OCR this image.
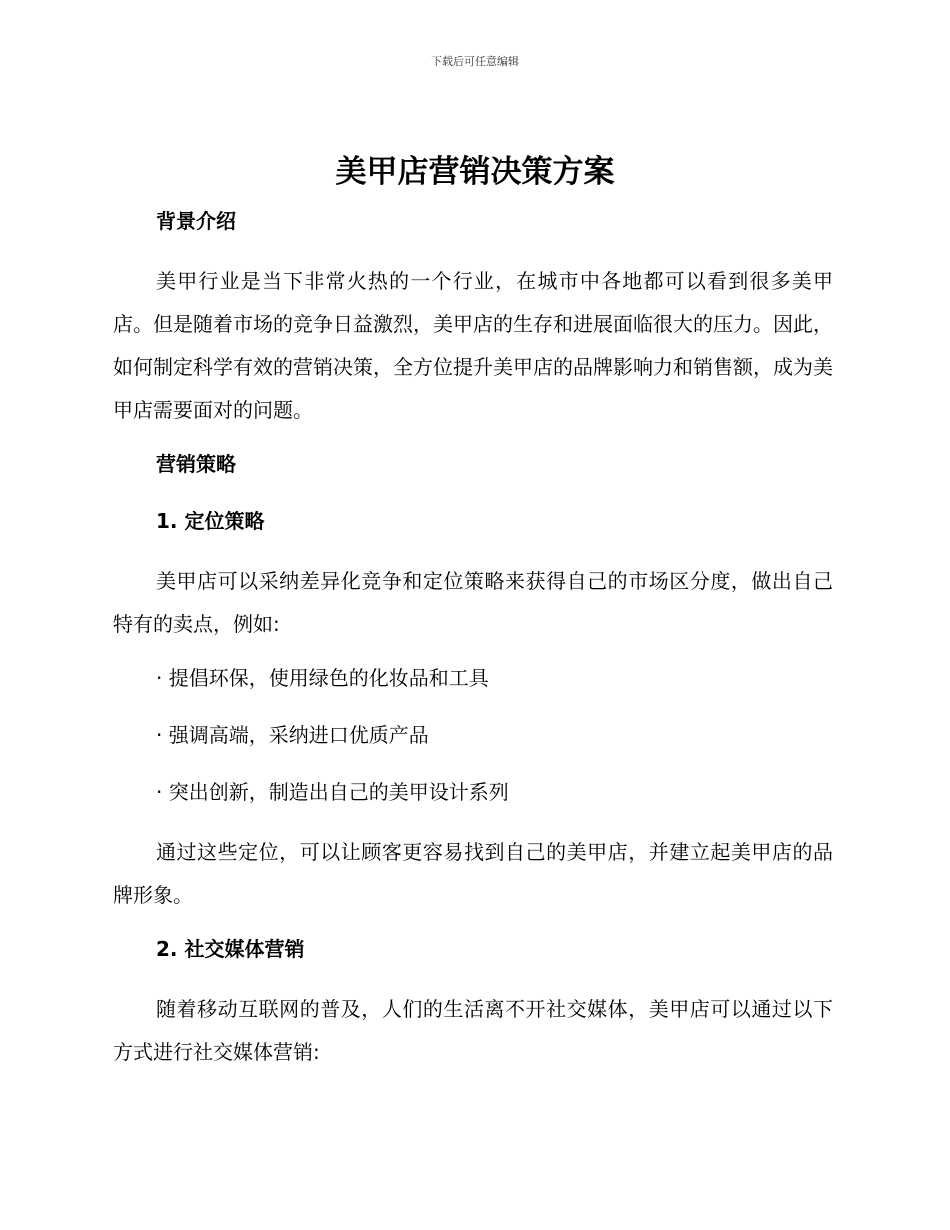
下载后可任意编辑
美甲店营销决策方案
背景介绍

美甲行业是当下非常火热的一个行业，在城市中各地都可以看到很多美甲店。但是随着市场的竞争日益激烈，美甲店的生存和进展面临很大的压力。因此，如何制定科学有效的营销决策，全方位提升美甲店的品牌影响力和销售额，成为美甲店需要面对的问题。

营销策略
1. 定位策略

美甲店可以采纳差异化竞争和定位策略来获得自己的市场区分度，做出自己特有的卖点，例如:

· 提倡环保，使用绿色的化妆品和工具
· 强调高端，采纳进口优质产品
· 突出创新，制造出自己的美甲设计系列

通过这些定位，可以让顾客更容易找到自己的美甲店，并建立起美甲店的品牌形象。

2. 社交媒体营销

随着移动互联网的普及，人们的生活离不开社交媒体，美甲店可以通过以下方式进行社交媒体营销:
